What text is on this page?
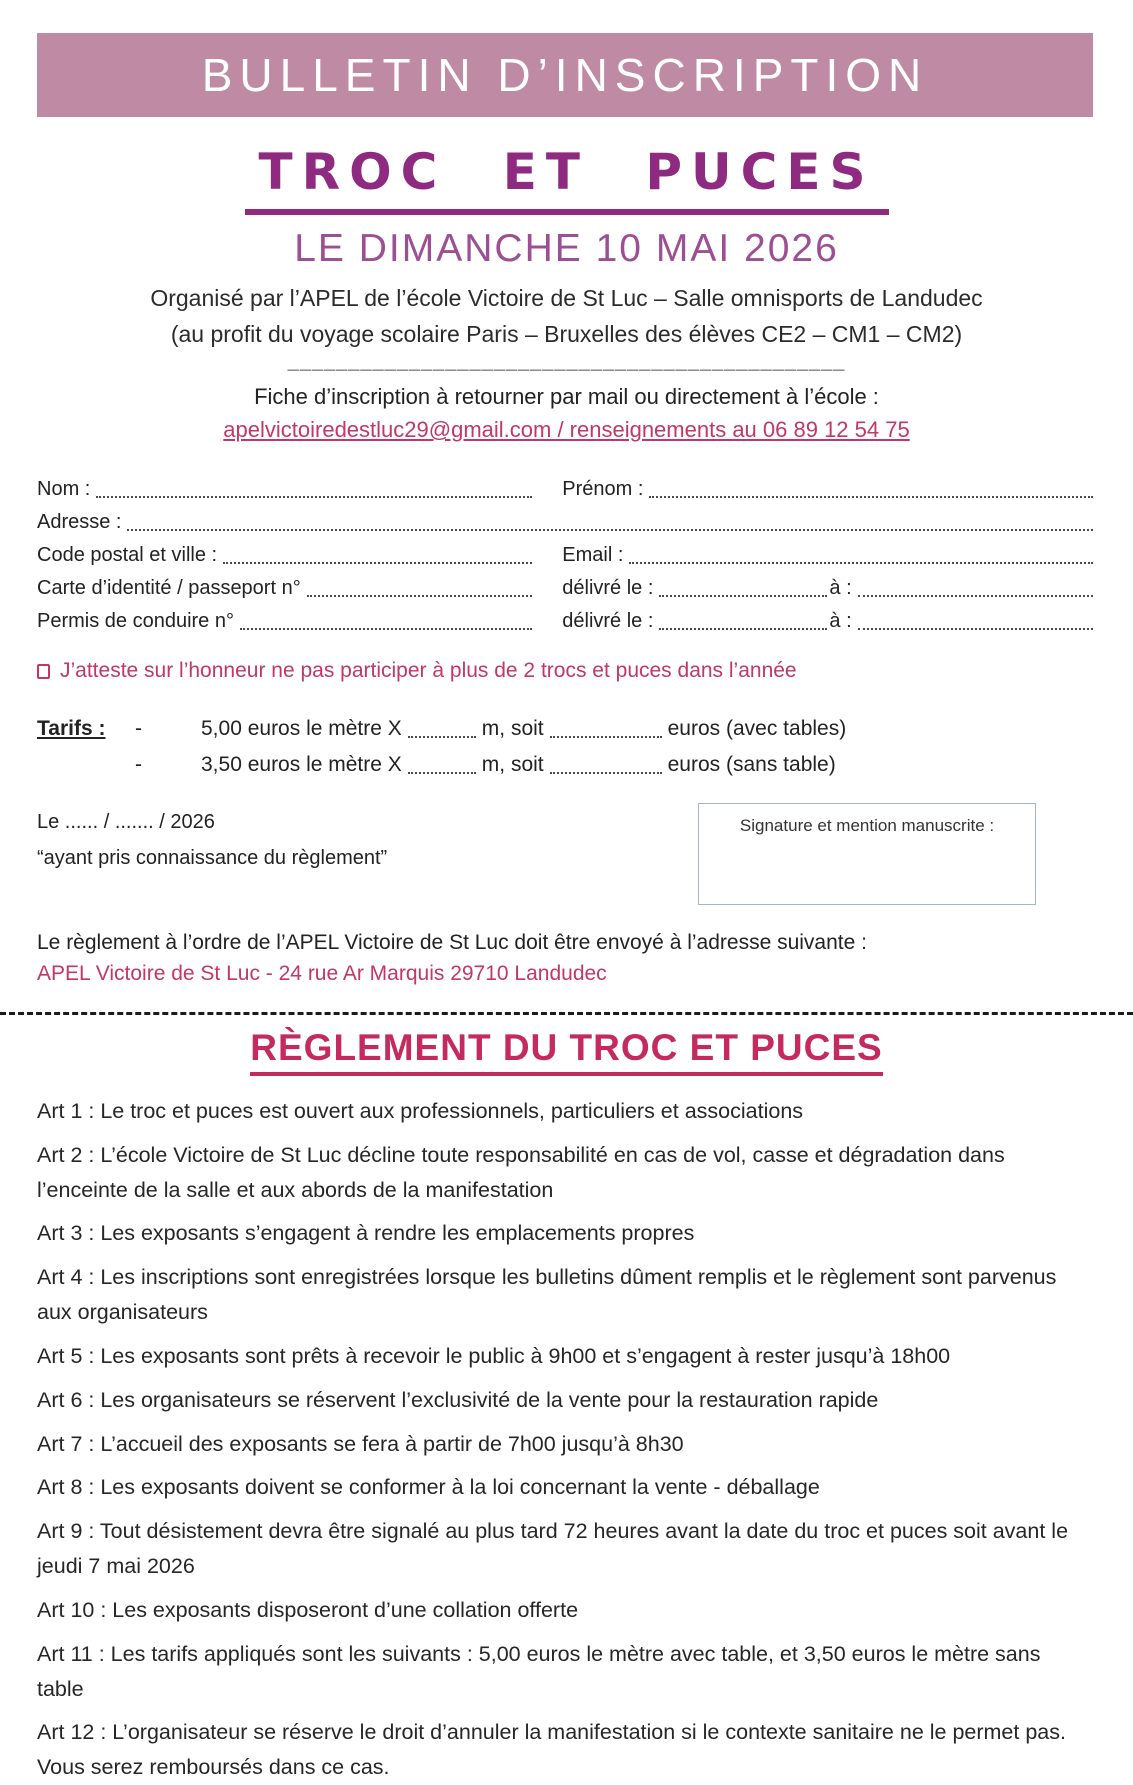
BULLETIN D’INSCRIPTION
TROC ET PUCES
LE DIMANCHE 10 MAI 2026
Organisé par l’APEL de l’école Victoire de St Luc – Salle omnisports de Landudec
(au profit du voyage scolaire Paris – Bruxelles des élèves CE2 – CM1 – CM2)
______________________________________________
Fiche d’inscription à retourner par mail ou directement à l’école :
apelvictoiredestluc29@gmail.com / renseignements au 06 89 12 54 75
Nom :	Prénom :
Adresse :
Code postal et ville :	Email :
Carte d’identité / passeport n°	délivré le :	à :
Permis de conduire n°	délivré le :	à :
J’atteste sur l’honneur ne pas participer à plus de 2 trocs et puces dans l’année
Tarifs :	-	5,00 euros le mètre X	m, soit	euros (avec tables)
-	3,50 euros le mètre X	m, soit	euros (sans table)
Le ...... / ....... / 2026
“ayant pris connaissance du règlement”
Signature et mention manuscrite :
Le règlement à l’ordre de l’APEL Victoire de St Luc doit être envoyé à l’adresse suivante :
APEL Victoire de St Luc - 24 rue Ar Marquis 29710 Landudec
RÈGLEMENT DU TROC ET PUCES
Art 1 : Le troc et puces est ouvert aux professionnels, particuliers et associations
Art 2 : L’école Victoire de St Luc décline toute responsabilité en cas de vol, casse et dégradation dans l’enceinte de la salle et aux abords de la manifestation
Art 3 : Les exposants s’engagent à rendre les emplacements propres
Art 4 : Les inscriptions sont enregistrées lorsque les bulletins dûment remplis et le règlement sont parvenus aux organisateurs
Art 5 : Les exposants sont prêts à recevoir le public à 9h00 et s’engagent à rester jusqu’à 18h00
Art 6 : Les organisateurs se réservent l’exclusivité de la vente pour la restauration rapide
Art 7 : L’accueil des exposants se fera à partir de 7h00 jusqu’à 8h30
Art 8 : Les exposants doivent se conformer à la loi concernant la vente - déballage
Art 9 : Tout désistement devra être signalé au plus tard 72 heures avant la date du troc et puces soit avant le jeudi 7 mai 2026
Art 10 : Les exposants disposeront d’une collation offerte
Art 11 : Les tarifs appliqués sont les suivants : 5,00 euros le mètre avec table, et 3,50 euros le mètre sans table
Art 12 : L’organisateur se réserve le droit d’annuler la manifestation si le contexte sanitaire ne le permet pas. Vous serez remboursés dans ce cas.
